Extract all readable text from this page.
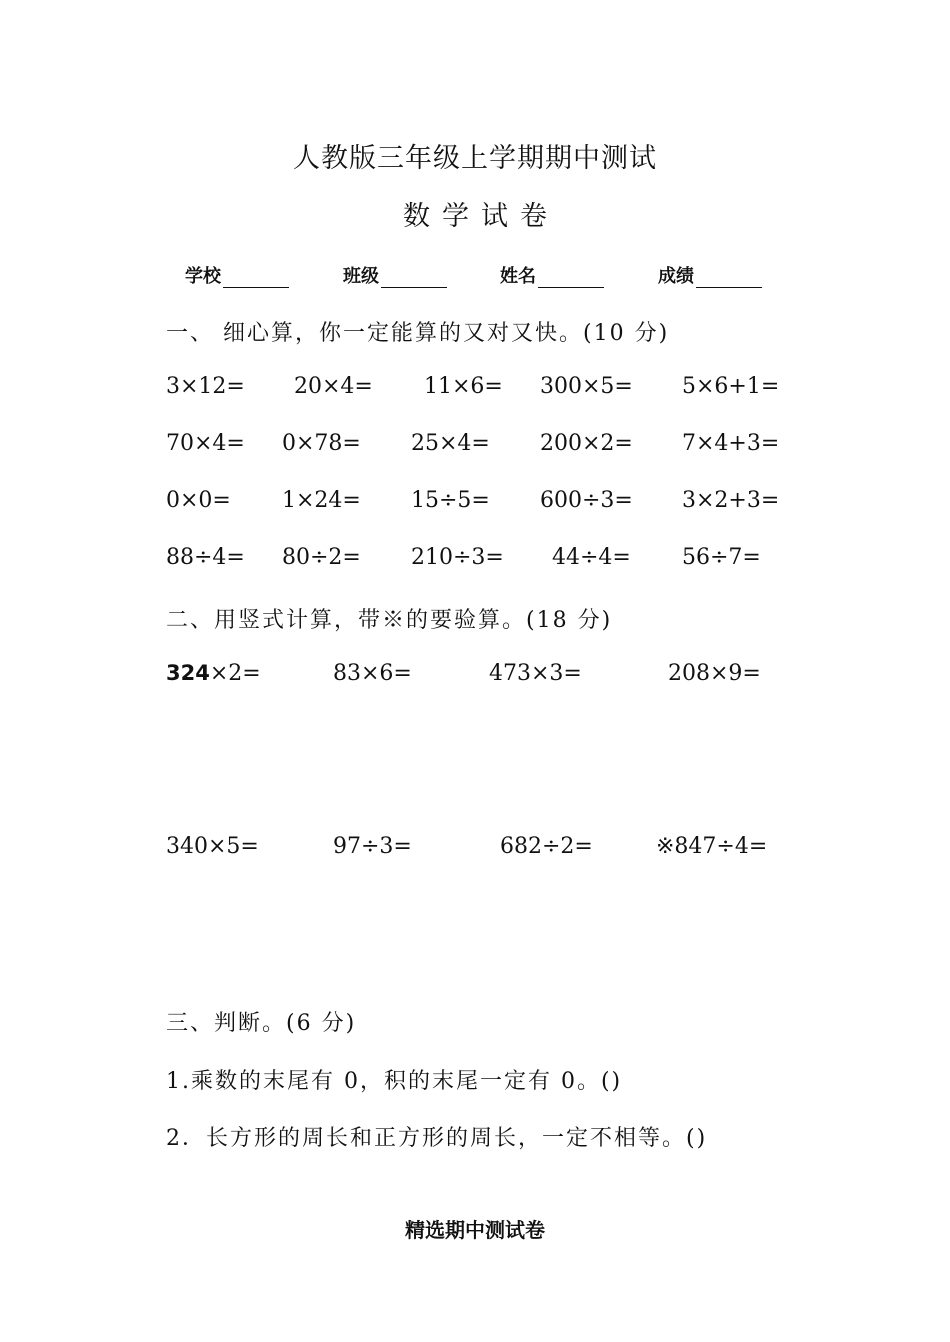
人教版三年级上学期期中测试
数学试卷
学校	班级	姓名	成绩
一、 细心算，你一定能算的又对又快。(10 分)
3×12= 20×4= 11×6= 300×5= 5×6+1=
70×4= 0×78= 25×4= 200×2= 7×4+3=
0×0= 1×24= 15÷5= 600÷3= 3×2+3=
88÷4= 80÷2= 210÷3= 44÷4= 56÷7=
二、用竖式计算，带※的要验算。(18 分)
324×2=	83×6=	473×3=	208×9=
340×5=	97÷3=	682÷2=	※847÷4=
三、判断。(6 分)
1.乘数的末尾有 0，积的末尾一定有 0。()
2．长方形的周长和正方形的周长，一定不相等。()
精选期中测试卷
